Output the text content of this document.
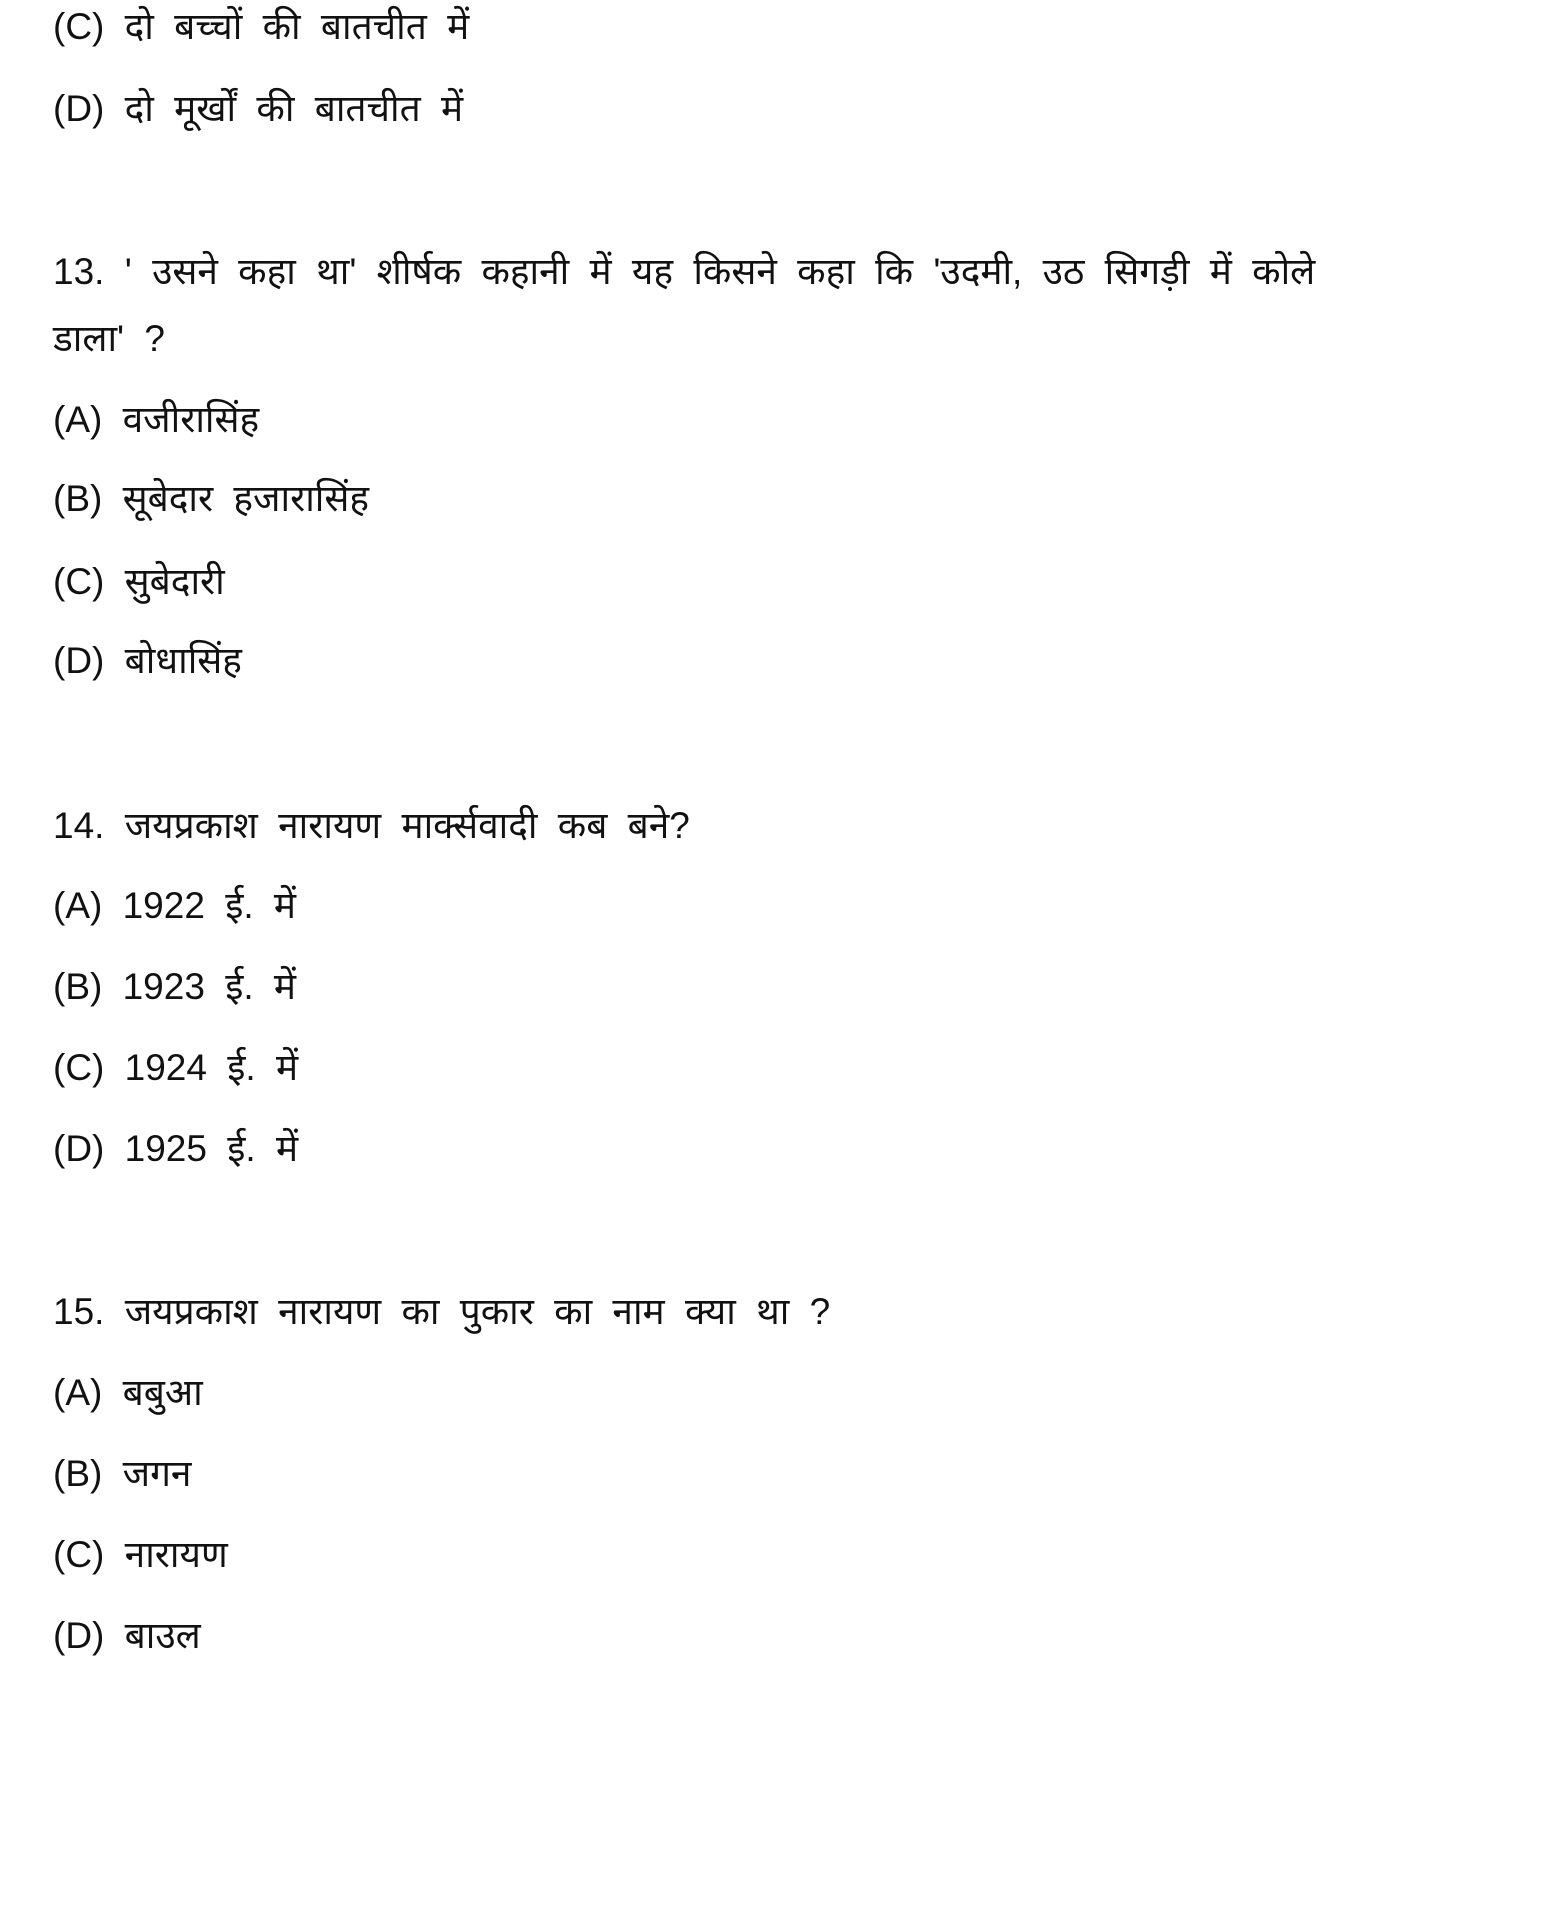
(C) दो बच्चों की बातचीत में
(D) दो मूर्खों की बातचीत में
13. ' उसने कहा था' शीर्षक कहानी में यह किसने कहा कि 'उदमी, उठ सिगड़ी में कोले
डाला' ?
(A) वजीरासिंह
(B) सूबेदार हजारासिंह
(C) सुबेदारी
(D) बोधासिंह
14. जयप्रकाश नारायण मार्क्सवादी कब बने?
(A) 1922 ई. में
(B) 1923 ई. में
(C) 1924 ई. में
(D) 1925 ई. में
15. जयप्रकाश नारायण का पुकार का नाम क्या था ?
(A) बबुआ
(B) जगन
(C) नारायण
(D) बाउल
